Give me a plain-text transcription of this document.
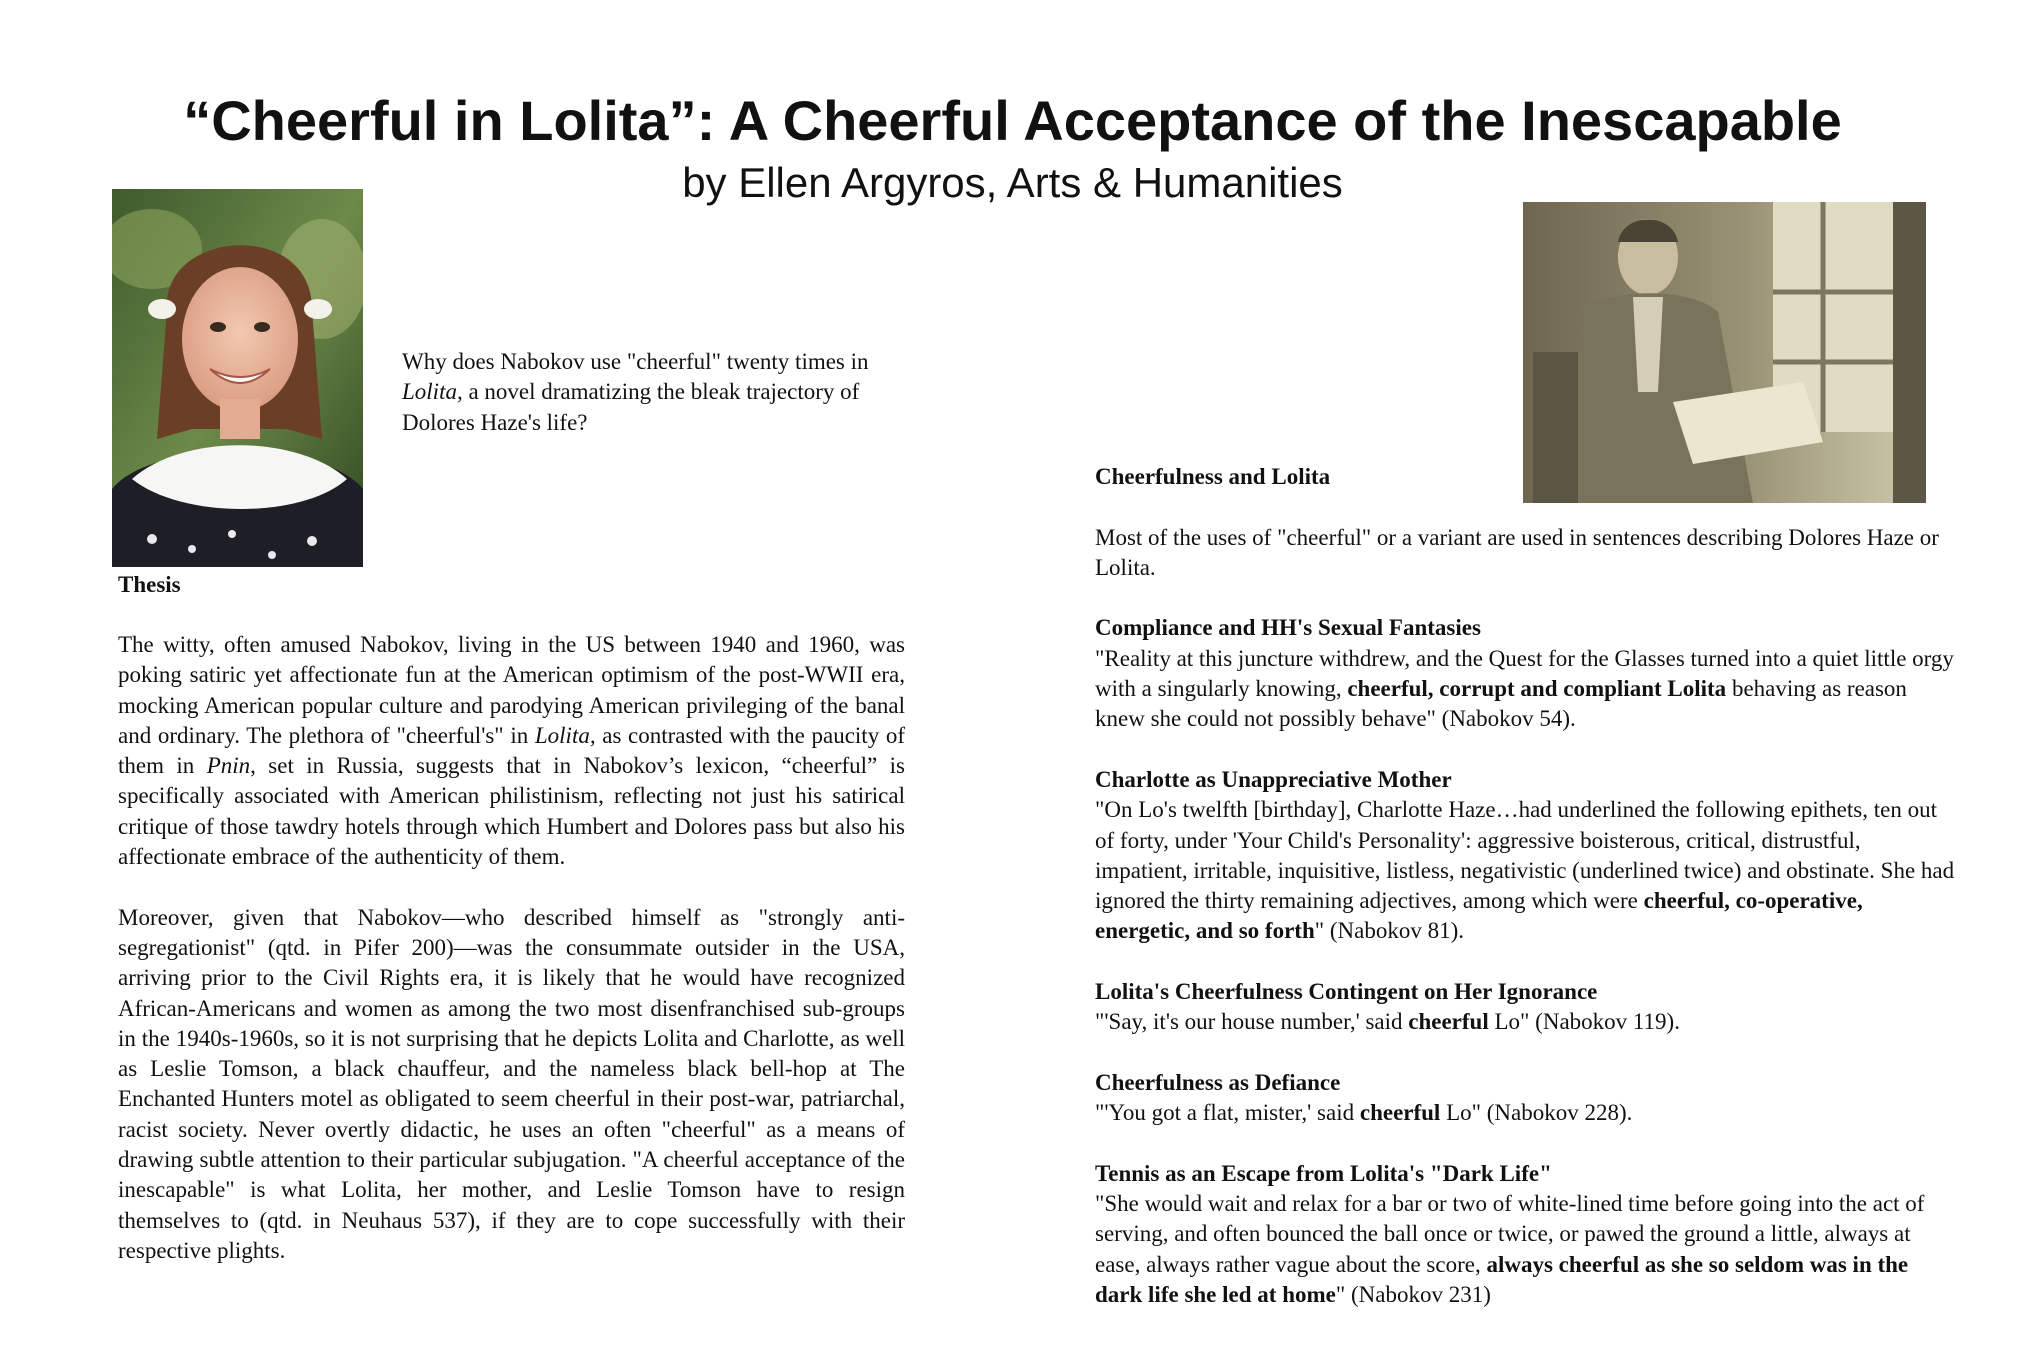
“Cheerful in Lolita”: A Cheerful Acceptance of the Inescapable
by Ellen Argyros, Arts & Humanities
Why does Nabokov use "cheerful" twenty times in Lolita, a novel dramatizing the bleak trajectory of Dolores Haze's life?
Thesis

The witty, often amused Nabokov, living in the US between 1940 and 1960, was poking satiric yet affectionate fun at the American optimism of the post-WWII era, mocking American popular culture and parodying American privileging of the banal and ordinary. The plethora of "cheerful's" in Lolita, as contrasted with the paucity of them in Pnin, set in Russia, suggests that in Nabokov’s lexicon, “cheerful” is specifically associated with American philistinism, reflecting not just his satirical critique of those tawdry hotels through which Humbert and Dolores pass but also his affectionate embrace of the authenticity of them.

Moreover, given that Nabokov—who described himself as "strongly anti-segregationist" (qtd. in Pifer 200)—was the consummate outsider in the USA, arriving prior to the Civil Rights era, it is likely that he would have recognized African-Americans and women as among the two most disenfranchised sub-groups in the 1940s-1960s, so it is not surprising that he depicts Lolita and Charlotte, as well as Leslie Tomson, a black chauffeur, and the nameless black bell-hop at The Enchanted Hunters motel as obligated to seem cheerful in their post-war, patriarchal, racist society. Never overtly didactic, he uses an often "cheerful" as a means of drawing subtle attention to their particular subjugation. "A cheerful acceptance of the inescapable" is what Lolita, her mother, and Leslie Tomson have to resign themselves to (qtd. in Neuhaus 537), if they are to cope successfully with their respective plights.

Cheerfulness and Lolita

Most of the uses of "cheerful" or a variant are used in sentences describing Dolores Haze or Lolita.

Compliance and HH's Sexual Fantasies

"Reality at this juncture withdrew, and the Quest for the Glasses turned into a quiet little orgy with a singularly knowing, cheerful, corrupt and compliant Lolita behaving as reason knew she could not possibly behave" (Nabokov 54).

Charlotte as Unappreciative Mother

"On Lo's twelfth [birthday], Charlotte Haze…had underlined the following epithets, ten out of forty, under 'Your Child's Personality': aggressive boisterous, critical, distrustful, impatient, irritable, inquisitive, listless, negativistic (underlined twice) and obstinate. She had ignored the thirty remaining adjectives, among which were cheerful, co-operative, energetic, and so forth" (Nabokov 81).

Lolita's Cheerfulness Contingent on Her Ignorance

"'Say, it's our house number,' said cheerful Lo" (Nabokov 119).

Cheerfulness as Defiance

"'You got a flat, mister,' said cheerful Lo" (Nabokov 228).

Tennis as an Escape from Lolita's "Dark Life"

"She would wait and relax for a bar or two of white-lined time before going into the act of serving, and often bounced the ball once or twice, or pawed the ground a little, always at ease, always rather vague about the score, always cheerful as she so seldom was in the dark life she led at home" (Nabokov 231)
